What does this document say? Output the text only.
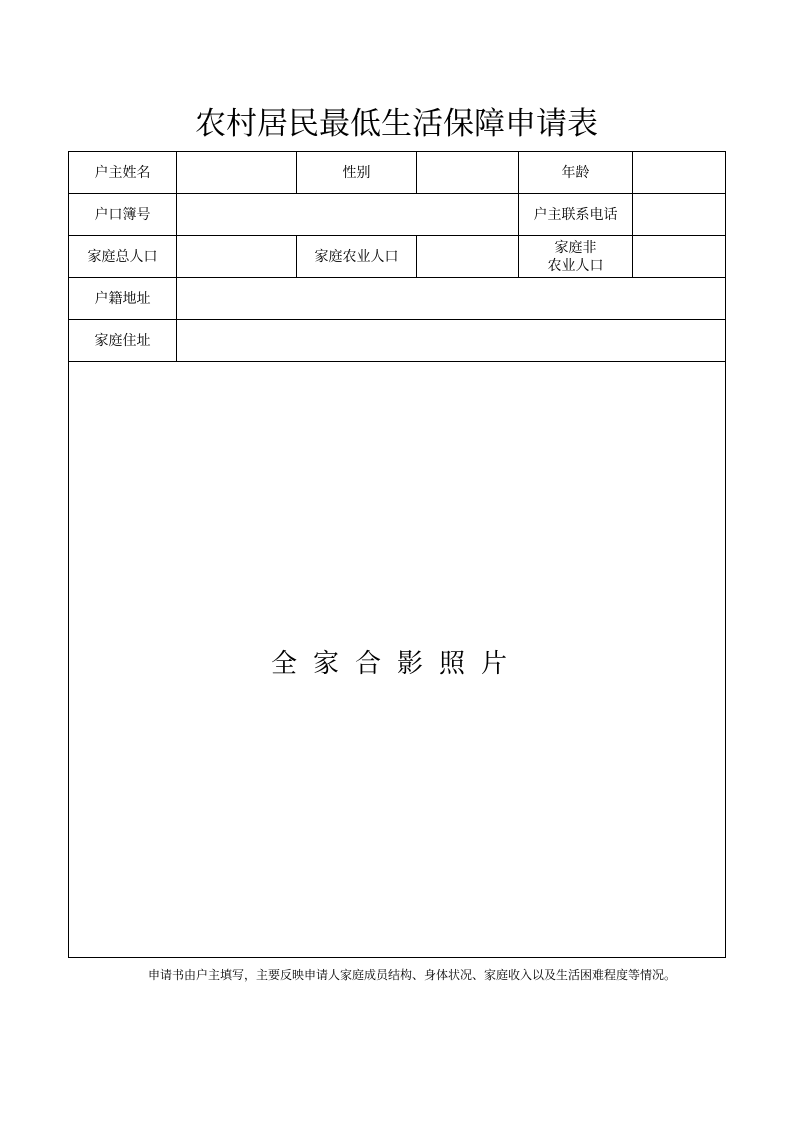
农村居民最低生活保障申请表
户主姓名		性别		年龄	
户口簿号				户主联系电话	
家庭总人口		家庭农业人口		家庭非
农业人口	

户籍地址					
家庭住址					
全家合影照片					
申请书由户主填写，主要反映申请人家庭成员结构、身体状况、家庭收入以及生活困难程度等情况。
